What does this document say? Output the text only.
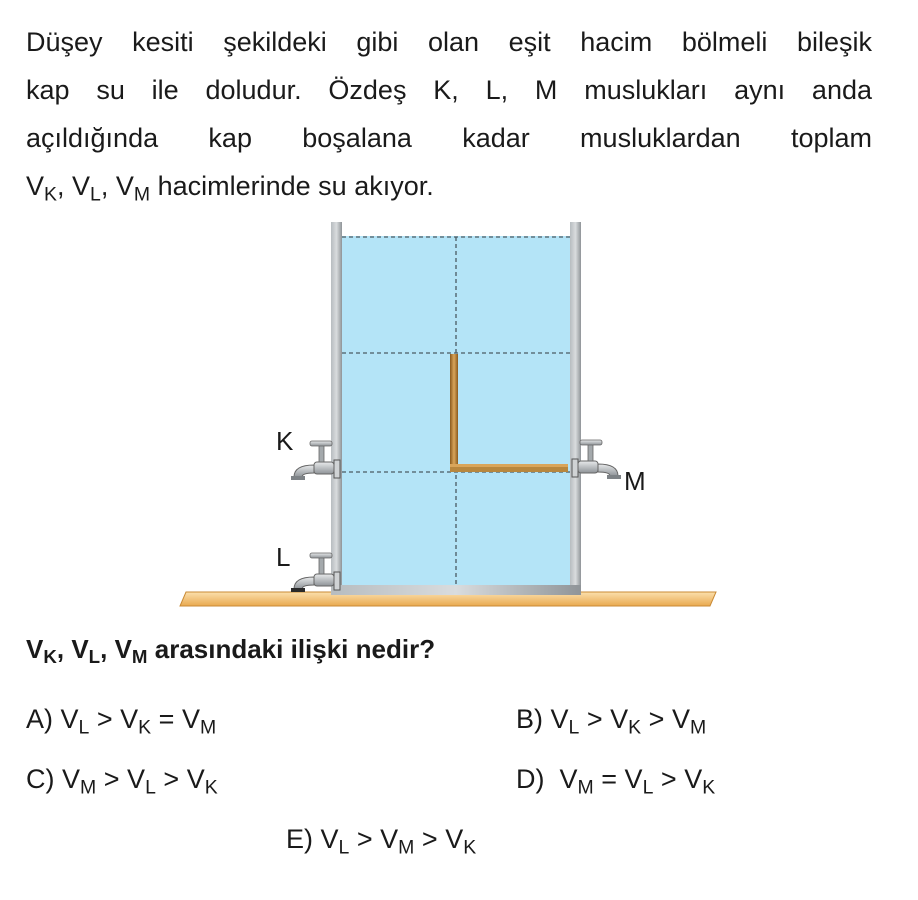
Düşey kesiti şekildeki gibi olan eşit hacim bölmeli bileşik
kap su ile doludur. Özdeş K, L, M muslukları aynı anda
açıldığında kap boşalana kadar musluklardan toplam
$V_K$, $V_L$, $V_M$ hacimlerinde su akıyor.
K
L
M
$V_K$, $V_L$, $V_M$ arasındaki ilişki nedir?
A) $V_L > V_K = V_M$	B) $V_L > V_K > V_M$
C) $V_M > V_L > V_K$	D) $V_M = V_L > V_K$
E) $V_L > V_M > V_K$
